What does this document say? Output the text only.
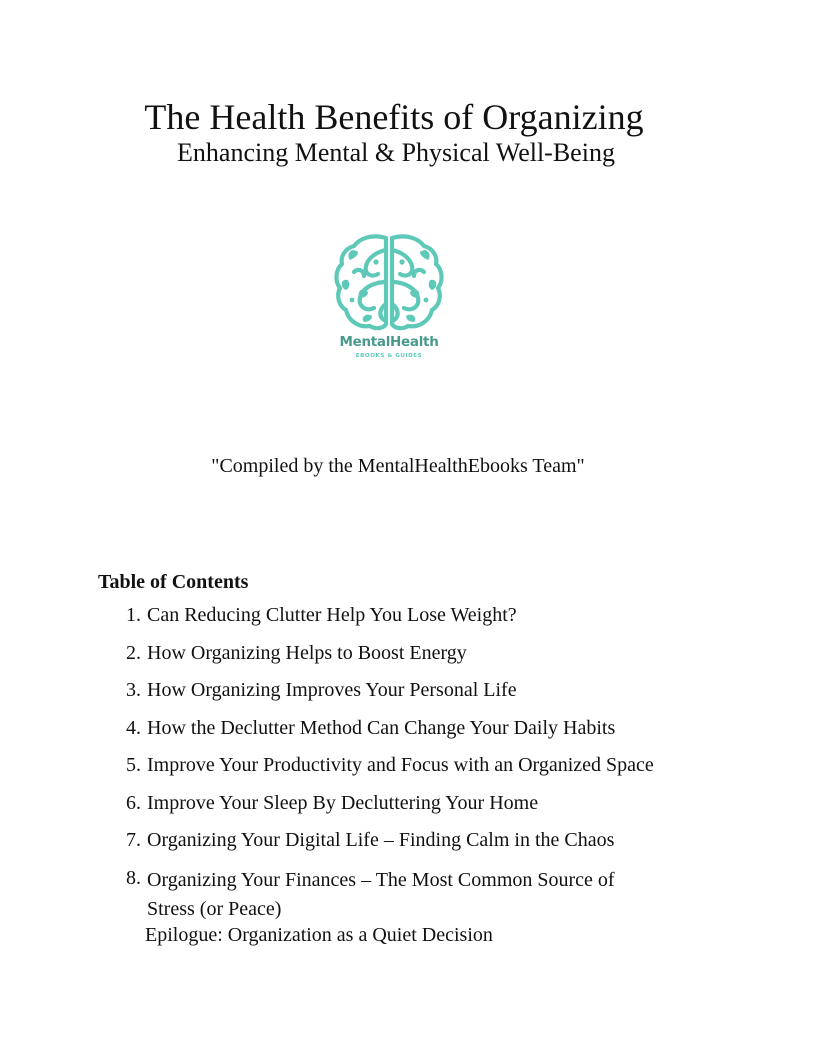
The Health Benefits of Organizing
Enhancing Mental & Physical Well-Being
MentalHealth
EBOOKS & GUIDES
"Compiled by the MentalHealthEbooks Team"
Table of Contents
1. Can Reducing Clutter Help You Lose Weight?
2. How Organizing Helps to Boost Energy
3. How Organizing Improves Your Personal Life
4. How the Declutter Method Can Change Your Daily Habits
5. Improve Your Productivity and Focus with an Organized Space
6. Improve Your Sleep By Decluttering Your Home
7. Organizing Your Digital Life – Finding Calm in the Chaos
8. Organizing Your Finances – The Most Common Source of Stress (or Peace)
Epilogue: Organization as a Quiet Decision
